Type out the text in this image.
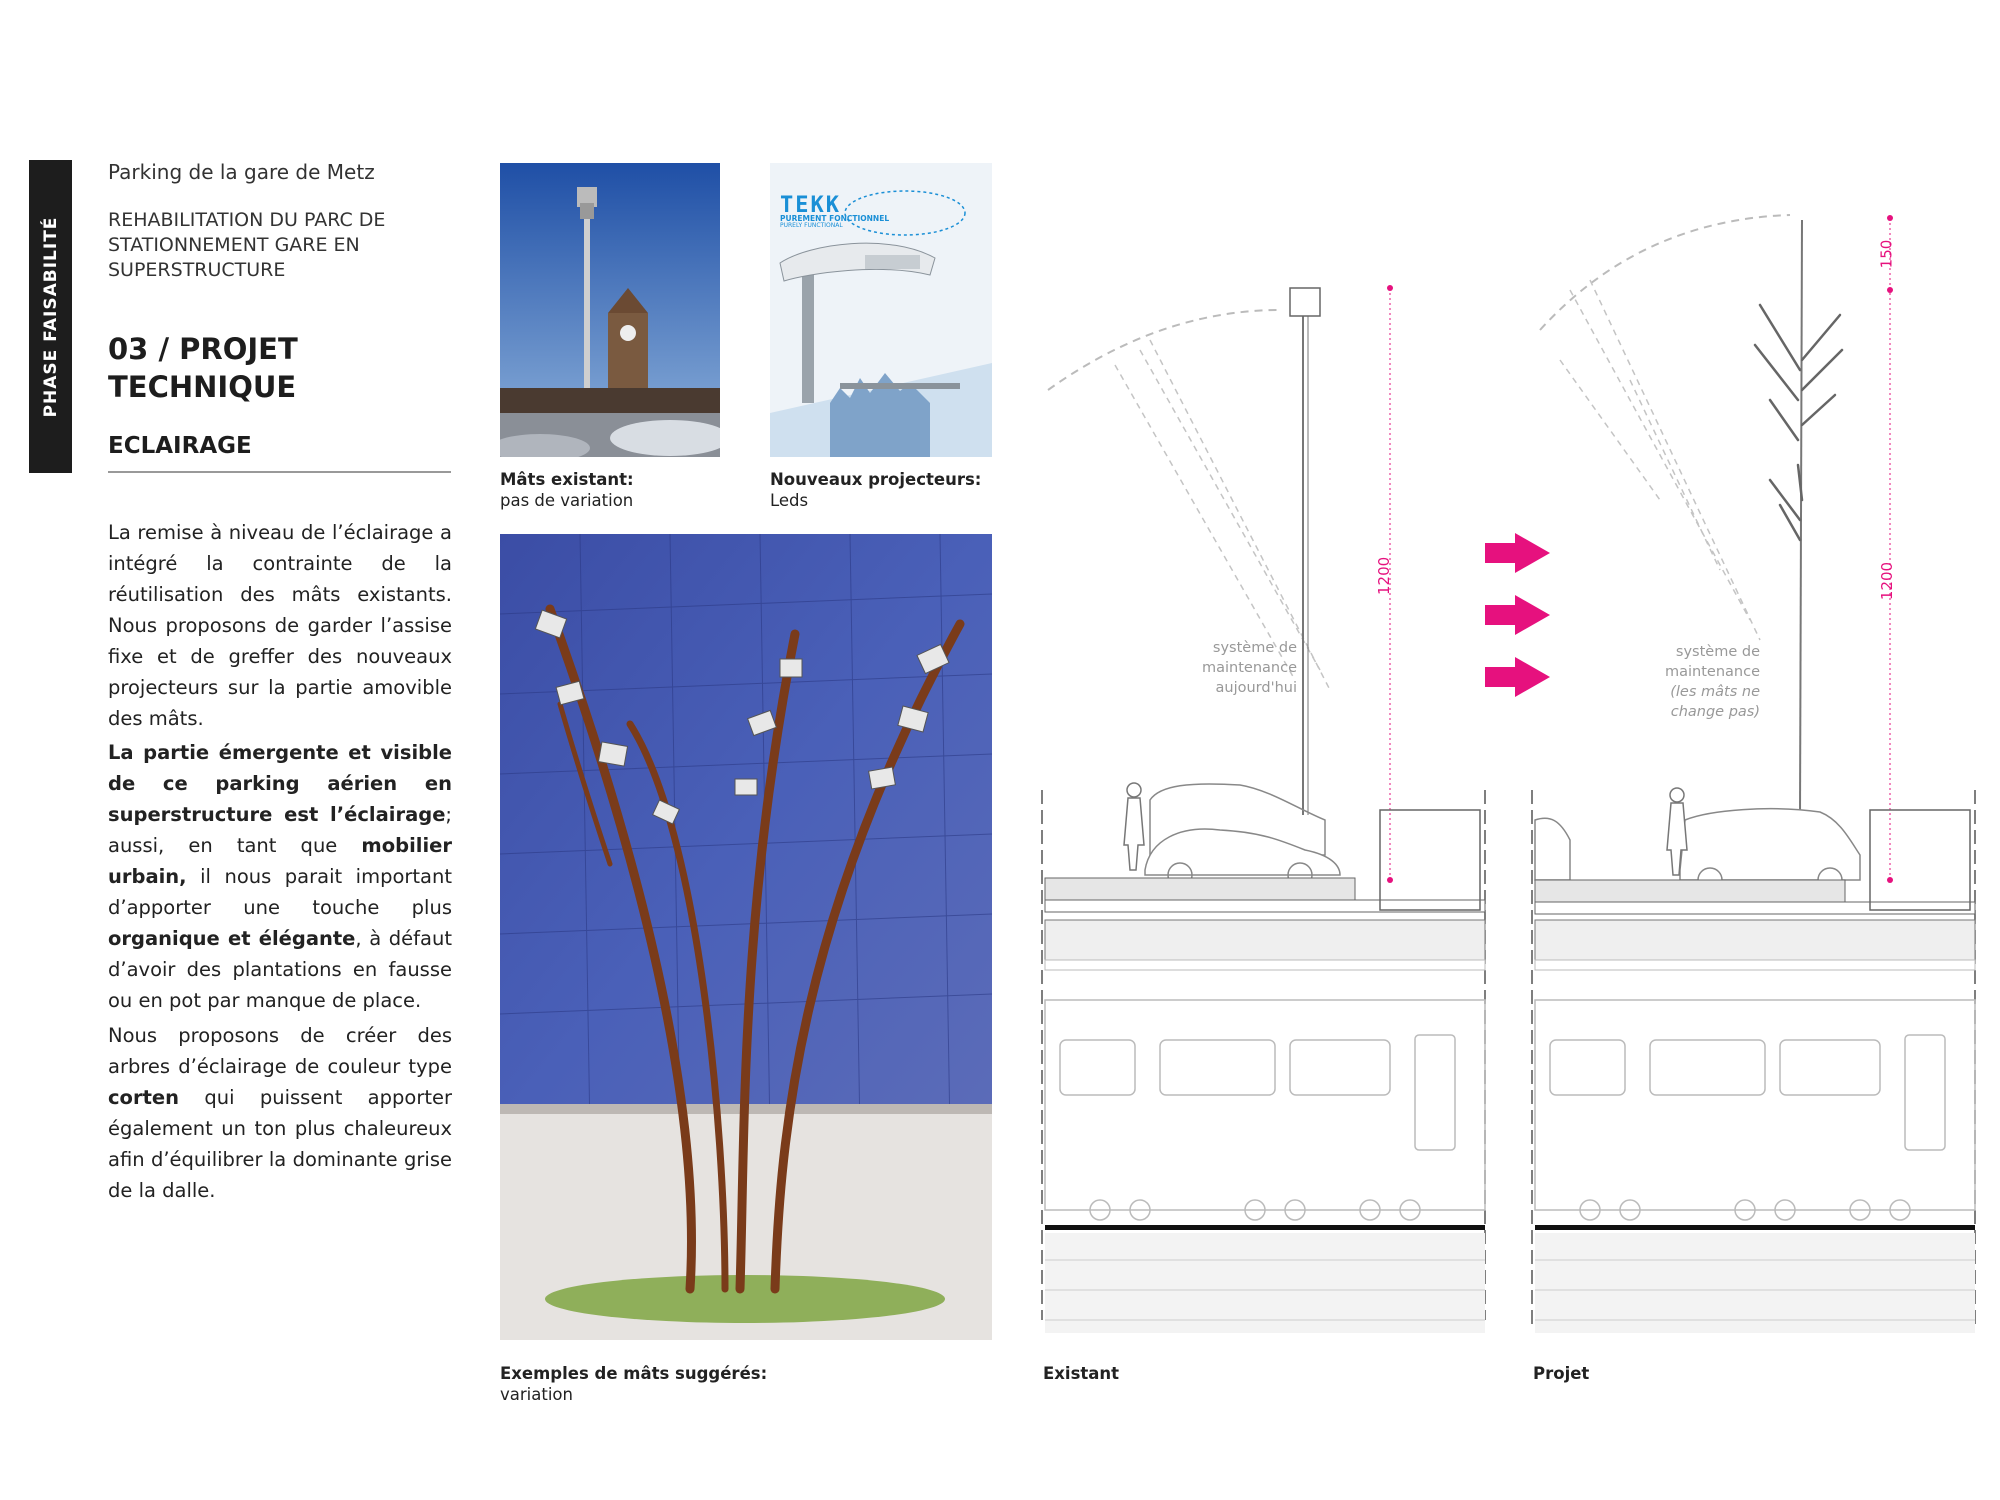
PHASE FAISABILITÉ
Parking de la gare de Metz
REHABILITATION DU PARC DE STATIONNEMENT GARE EN SUPERSTRUCTURE
03 / PROJET TECHNIQUE
ECLAIRAGE
La remise à niveau de l’éclairage a intégré la contrainte de la réutilisation des mâts existants. Nous proposons de garder l’assise fixe et de greffer des nouveaux projecteurs sur la partie amovible des mâts.
La partie émergente et visible de ce parking aérien en superstructure est l’éclairage; aussi, en tant que mobilier urbain, il nous parait important d’apporter une touche plus organique et élégante, à défaut d’avoir des plantations en fausse ou en pot par manque de place.
Nous proposons de créer des arbres d’éclairage de couleur type corten qui puissent apporter également un ton plus chaleureux afin d’équilibrer la dominante grise de la dalle.
Mâts existant:
pas de variation
TEKK
PUREMENT FONCTIONNEL
PURELY FUNCTIONAL
Nouveaux projecteurs:
Leds
Exemples de mâts suggérés:
variation
système de
maintenance
aujourd'hui
1200
Existant
système de
maintenance
(les mâts ne
change pas)
1200
150
Projet
